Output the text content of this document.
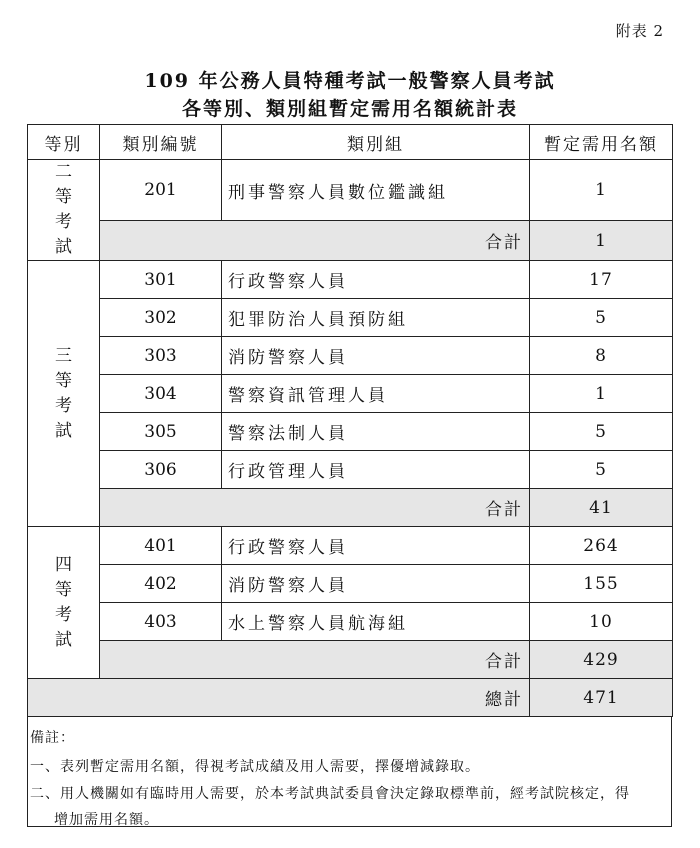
附表 2
109 年公務人員特種考試一般警察人員考試
各等別、類別組暫定需用名額統計表
等別	類別編號	類別組	暫定需用名額

二
等
考
試	201	刑事警察人員數位鑑識組	1
	合計		1

三
等
考
試	301	行政警察人員	17
	302	犯罪防治人員預防組	5
	303	消防警察人員	8
	304	警察資訊管理人員	1
	305	警察法制人員	5
	306	行政管理人員	5
	合計		41

四
等
考
試	401	行政警察人員	264
	402	消防警察人員	155
	403	水上警察人員航海組	10
	合計		429
總計			471
備註：
一、表列暫定需用名額，得視考試成績及用人需要，擇優增減錄取。
二、用人機關如有臨時用人需要，於本考試典試委員會決定錄取標準前，經考試院核定，得
增加需用名額。
